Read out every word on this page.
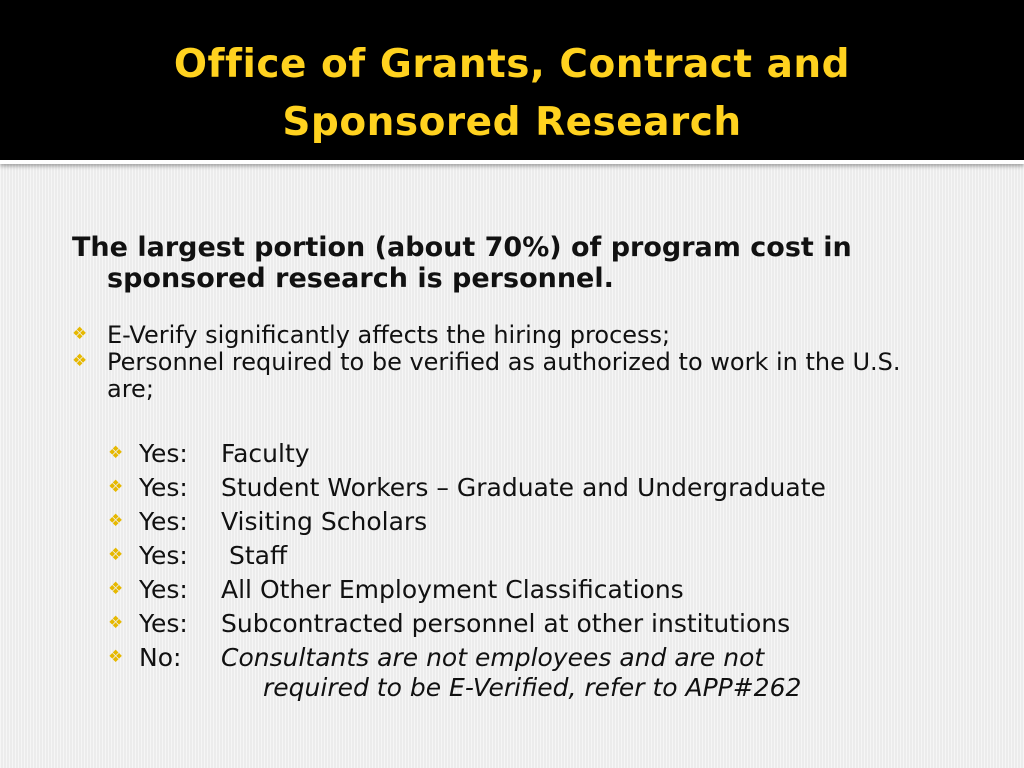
Office of Grants, Contract and
Sponsored Research

The largest portion (about 70%) of program cost in sponsored research is personnel.

❖ E-Verify significantly affects the hiring process;
❖ Personnel required to be verified as authorized to work in the U.S. are;
❖ Yes: Faculty
❖ Yes: Student Workers – Graduate and Undergraduate
❖ Yes: Visiting Scholars
❖ Yes: Staff
❖ Yes: All Other Employment Classifications
❖ Yes: Subcontracted personnel at other institutions
❖ No: Consultants are not employees and are not
required to be E-Verified, refer to APP#262
